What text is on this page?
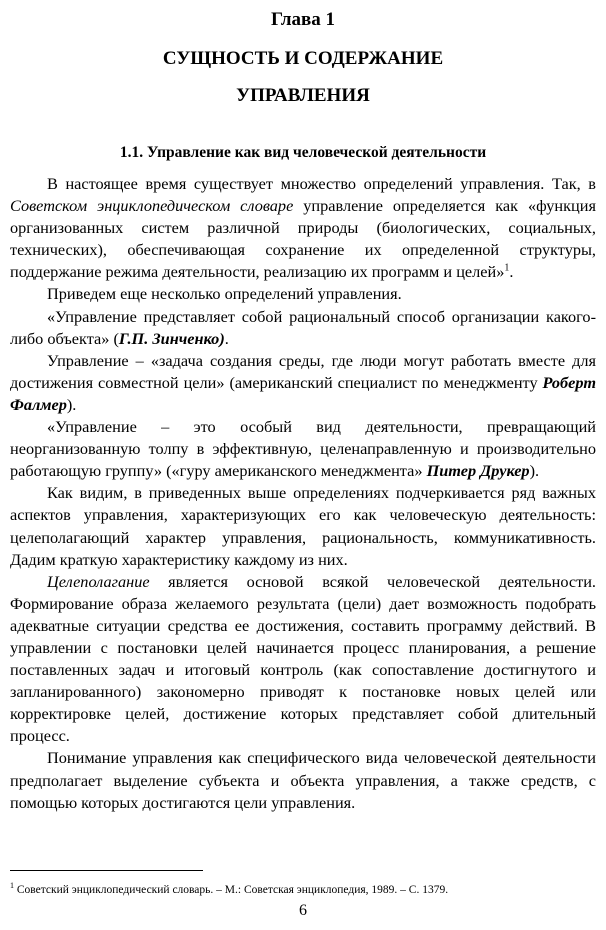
Глава 1
СУЩНОСТЬ И СОДЕРЖАНИЕ
УПРАВЛЕНИЯ
1.1. Управление как вид человеческой деятельности

В настоящее время существует множество определений управления. Так, в Советском энциклопедическом словаре управление определяется как «функция организованных систем различной природы (биологических, социальных, технических), обеспечивающая сохранение их определенной структуры, поддержание режима деятельности, реализацию их программ и целей»$^1$.

Приведем еще несколько определений управления.

«Управление представляет собой рациональный способ организации какого-либо объекта» (Г.П. Зинченко).

Управление – «задача создания среды, где люди могут работать вместе для достижения совместной цели» (американский специалист по менеджменту Роберт Фалмер).

«Управление – это особый вид деятельности, превращающий неорганизованную толпу в эффективную, целенаправленную и производительно работающую группу» («гуру американского менеджмента» Питер Друкер).

Как видим, в приведенных выше определениях подчеркивается ряд важных аспектов управления, характеризующих его как человеческую деятельность: целеполагающий характер управления, рациональность, коммуникативность. Дадим краткую характеристику каждому из них.

Целеполагание является основой всякой человеческой деятельности. Формирование образа желаемого результата (цели) дает возможность подобрать адекватные ситуации средства ее достижения, составить программу действий. В управлении с постановки целей начинается процесс планирования, а решение поставленных задач и итоговый контроль (как сопоставление достигнутого и запланированного) закономерно приводят к постановке новых целей или корректировке целей, достижение которых представляет собой длительный процесс.

Понимание управления как специфического вида человеческой деятельности предполагает выделение субъекта и объекта управления, а также средств, с помощью которых достигаются цели управления.

$^1$ Советский энциклопедический словарь. – М.: Советская энциклопедия, 1989. – С. 1379.
6
